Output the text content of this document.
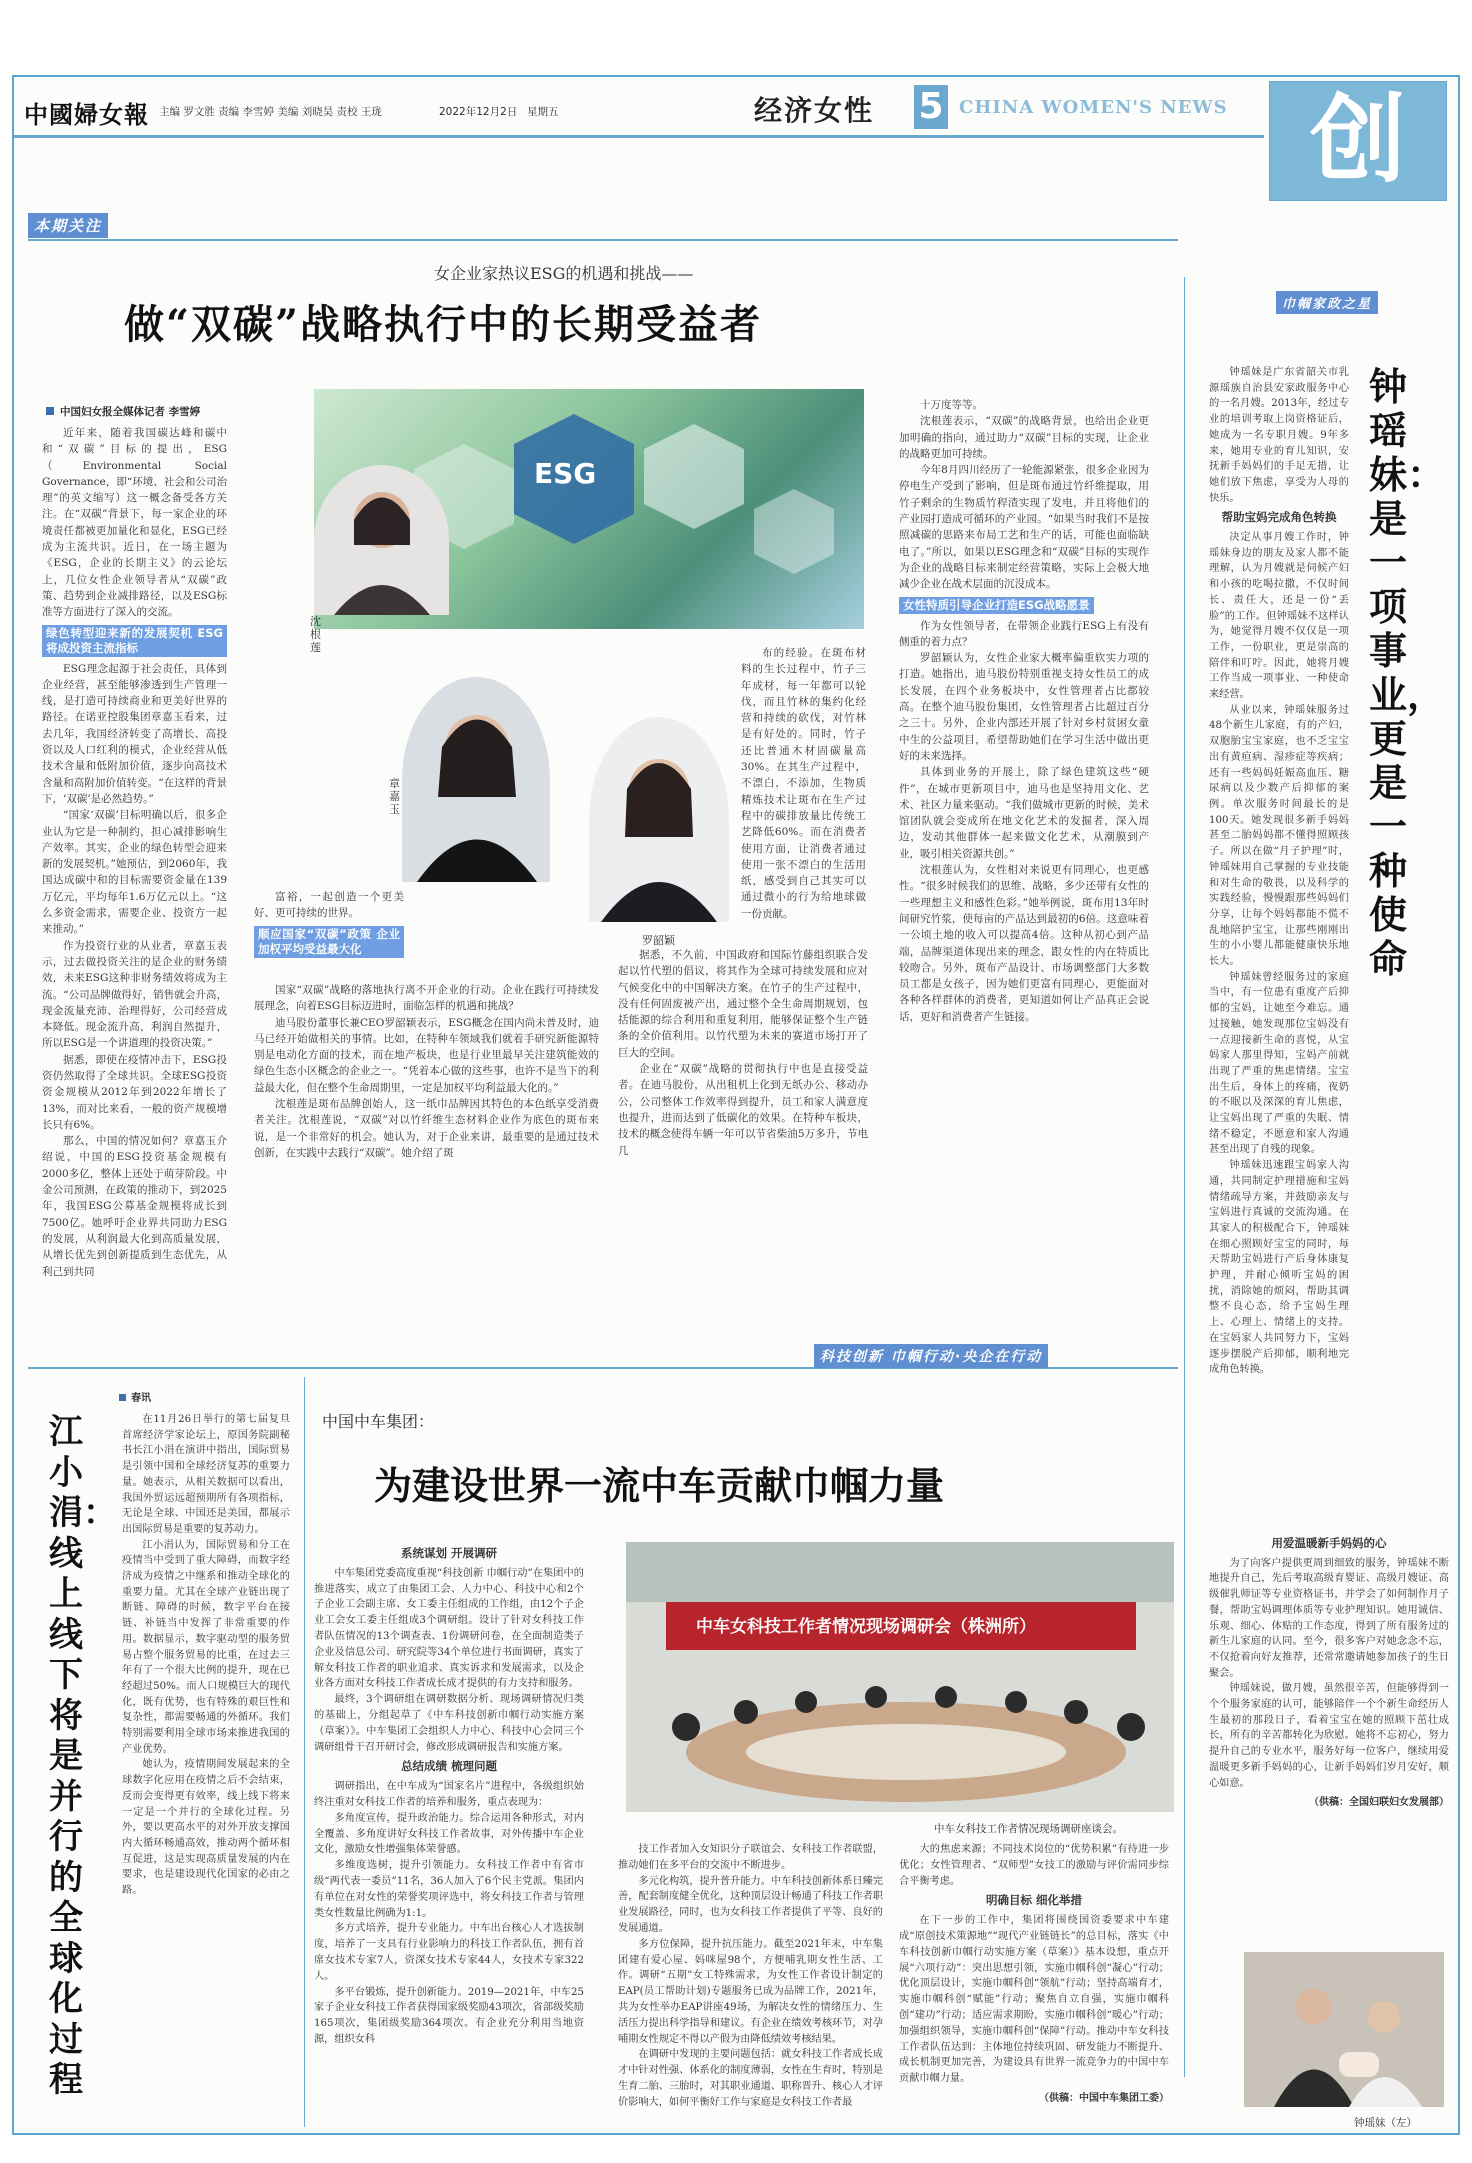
中國婦女報 主编 罗文胜 责编 李雪婷 美编 刘晓昊 责校 王珑	2022年12月2日 星期五	经济女性 5 CHINA WOMEN'S NEWS 创
本期关注
女企业家热议ESG的机遇和挑战——
做“双碳”战略执行中的长期受益者
中国妇女报全媒体记者 李雪婷

近年来，随着我国碳达峰和碳中和“双碳”目标的提出，ESG（Environmental Social Governance，即“环境、社会和公司治理”的英文缩写）这一概念备受各方关注。在“双碳”背景下，每一家企业的环境责任都被更加量化和显化，ESG已经成为主流共识。近日，在一场主题为《ESG，企业的长期主义》的云论坛上，几位女性企业领导者从“双碳”政策、趋势到企业减排路径，以及ESG标准等方面进行了深入的交流。

绿色转型迎来新的发展契机 ESG将成投资主流指标

ESG理念起源于社会责任，具体到企业经营，甚至能够渗透到生产管理一线，是打造可持续商业和更美好世界的路径。在诺亚控股集团章嘉玉看来，过去几年，我国经济转变了高增长、高投资以及人口红利的模式，企业经营从低技术含量和低附加价值，逐步向高技术含量和高附加价值转变。“在这样的背景下，‘双碳’是必然趋势。”

“国家‘双碳’目标明确以后，很多企业认为它是一种制约，担心减排影响生产效率。其实，企业的绿色转型会迎来新的发展契机。”她预估，到2060年，我国达成碳中和的目标需要资金量在139万亿元，平均每年1.6万亿元以上。“这么多资金需求，需要企业、投资方一起来推动。”

作为投资行业的从业者，章嘉玉表示，过去做投资关注的是企业的财务绩效，未来ESG这种非财务绩效将成为主流。“公司品牌做得好，销售就会升高，现金流量充沛、治理得好，公司经营成本降低。现金流升高，利润自然提升，所以ESG是一个讲道理的投资决策。”

据悉，即使在疫情冲击下，ESG投资仍然取得了全球共识。全球ESG投资资金规模从2012年到2022年增长了13%，而对比来看，一般的资产规模增长只有6%。

那么，中国的情况如何？章嘉玉介绍说，中国的ESG投资基金规模有2000多亿，整体上还处于萌芽阶段。中金公司预测，在政策的推动下，到2025年，我国ESG公募基金规模将成长到7500亿。她呼吁企业界共同助力ESG的发展，从利润最大化到高质量发展，从增长优先到创新提质到生态优先，从利己到共同

ESG
沈根莲
章嘉玉
罗韶颖

富裕，一起创造一个更美好、更可持续的世界。

顺应国家“双碳”政策 企业加权平均受益最大化

国家“双碳”战略的落地执行离不开企业的行动。企业在践行可持续发展理念，向着ESG目标迈进时，面临怎样的机遇和挑战？

迪马股份董事长兼CEO罗韶颖表示，ESG概念在国内尚未普及时，迪马已经开始做相关的事情。比如，在特种车领域我们就着手研究新能源特别是电动化方面的技术，而在地产板块，也是行业里最早关注建筑能效的绿色生态小区概念的企业之一。“凭着本心做的这些事，也许不是当下的利益最大化，但在整个生命周期里，一定是加权平均利益最大化的。”

沈根莲是斑布品牌创始人，这一纸巾品牌因其特色的本色纸享受消费者关注。沈根莲说，“双碳”对以竹纤维生态材料企业作为底色的斑布来说，是一个非常好的机会。她认为，对于企业来讲，最重要的是通过技术创新，在实践中去践行“双碳”。她介绍了斑

布的经验。在斑布材料的生长过程中，竹子三年成材，每一年都可以轮伐，而且竹林的集约化经营和持续的砍伐，对竹林是有好处的。同时，竹子还比普通木材固碳量高30%。在其生产过程中，不漂白，不添加，生物质精炼技术让斑布在生产过程中的碳排放量比传统工艺降低60%。而在消费者使用方面，让消费者通过使用一张不漂白的生活用纸，感受到自己其实可以通过微小的行为给地球做一份贡献。

据悉，不久前，中国政府和国际竹藤组织联合发起以竹代塑的倡议，将其作为全球可持续发展和应对气候变化中的中国解决方案。在竹子的生产过程中，没有任何固废被产出，通过整个全生命周期规划，包括能源的综合利用和重复利用，能够保证整个生产链条的全价值利用。以竹代塑为未来的赛道市场打开了巨大的空间。

企业在“双碳”战略的贯彻执行中也是直接受益者。在迪马股份，从出租机上化到无纸办公、移动办公，公司整体工作效率得到提升，员工和家人满意度也提升，进而达到了低碳化的效果。在特种车板块，技术的概念使得车辆一年可以节省柴油5万多升，节电几

十万度等等。

沈根莲表示，“双碳”的战略背景，也给出企业更加明确的指向，通过助力“双碳”目标的实现，让企业的战略更加可持续。

今年8月四川经历了一轮能源紧张，很多企业因为停电生产受到了影响，但是斑布通过竹纤维提取，用竹子剩余的生物质竹稈渣实现了发电，并且将他们的产业园打造成可循环的产业园。“如果当时我们不是按照减碳的思路来布局工艺和生产的话，可能也面临缺电了。”所以，如果以ESG理念和“双碳”目标的实现作为企业的战略目标来制定经营策略，实际上会极大地减少企业在战术层面的沉没成本。

女性特质引导企业打造ESG战略愿景

作为女性领导者，在带领企业践行ESG上有没有侧重的着力点？

罗韶颖认为，女性企业家大概率偏重软实力项的打造。她指出，迪马股份特别重视支持女性员工的成长发展，在四个业务板块中，女性管理者占比都较高。在整个迪马股份集团，女性管理者占比超过百分之三十。另外，企业内部还开展了针对乡村贫困女童中生的公益项目，希望帮助她们在学习生活中做出更好的未来选择。

具体到业务的开展上，除了绿色建筑这些“硬件”，在城市更新项目中，迪马也是坚持用文化、艺术、社区力量来驱动。“我们做城市更新的时候，美术馆团队就会变成所在地文化艺术的发掘者，深入周边，发动其他群体一起来做文化艺术，从潮膜到产业，吸引相关资源共创。”

沈根莲认为，女性相对来说更有同理心，也更感性。“很多时候我们的思维、战略，多少还带有女性的一些理想主义和感性色彩。”她举例说，斑布用13年时间研究竹浆，使每亩的产品达到最初的6倍。这意味着一公顷土地的收入可以提高4倍。这种从初心到产品端，品牌渠道体现出来的理念，跟女性的内在特质比较吻合。另外，斑布产品设计、市场调整部门大多数员工都是女孩子，因为她们更富有同理心，更能面对各种各样群体的消费者，更知道如何让产品真正会说话，更好和消费者产生链接。

巾帼家政之星
钟瑶妹：是一项事业，更是一种使命

钟瑶妹是广东省韶关市乳源瑶族自治县安家政服务中心的一名月嫂。2013年，经过专业的培训考取上岗资格证后，她成为一名专职月嫂。9年多来，她用专业的育儿知识，安抚新手妈妈们的手足无措，让她们放下焦虑，享受为人母的快乐。

帮助宝妈完成角色转换

决定从事月嫂工作时，钟瑶妹身边的朋友及家人都不能理解，认为月嫂就是伺候产妇和小孩的吃喝拉撒，不仅时间长、责任大，还是一份“丢脸”的工作。但钟瑶妹不这样认为，她觉得月嫂不仅仅是一项工作，一份职业，更是崇高的陪伴和叮咛。因此，她将月嫂工作当成一项事业、一种使命来经营。

从业以来，钟瑶妹服务过48个新生儿家庭，有的产妇，双胞胎宝宝家庭，也不乏宝宝出有黄疸病、湿疹症等疾病；还有一些妈妈妊娠高血压、糖尿病以及少数产后抑郁的案例。单次服务时间最长的是100天。她发现很多新手妈妈甚至二胎妈妈都不懂得照顾孩子。所以在做“月子护理”时，钟瑶妹用自己掌握的专业技能和对生命的敬畏，以及科学的实践经验，慢慢跟那些妈妈们分享，让每个妈妈都能不慌不乱地陪护宝宝，让那些刚刚出生的小小婴儿都能健康快乐地长大。

钟瑶妹曾经服务过的家庭当中，有一位患有重度产后抑郁的宝妈，让她至今难忘。通过接触，她发现那位宝妈没有一点迎接新生命的喜悦，从宝妈家人那里得知，宝妈产前就出现了严重的焦虑情绪。宝宝出生后，身体上的疼痛，夜奶的不眠以及深深的育儿焦虑，让宝妈出现了严重的失眠、情绪不稳定，不愿意和家人沟通甚至出现了自残的现象。

钟瑶妹迅速跟宝妈家人沟通，共同制定护理措施和宝妈情绪疏导方案，并鼓励亲友与宝妈进行真诚的交流沟通。在其家人的积极配合下，钟瑶妹在细心照顾好宝宝的同时，每天帮助宝妈进行产后身体康复护理，并耐心倾听宝妈的困扰，消除她的烦闷，帮助其调整不良心态，给予宝妈生理上、心理上、情绪上的支持。在宝妈家人共同努力下，宝妈逐步摆脱产后抑郁，顺利地完成角色转换。

用爱温暖新手妈妈的心

为了向客户提供更周到细致的服务，钟瑶妹不断地提升自己，先后考取高级育婴证、高级月嫂证、高级催乳师证等专业资格证书，并学会了如何制作月子餐，帮助宝妈调理体质等专业护理知识。她用诚信、乐观、细心、体贴的工作态度，得到了所有服务过的新生儿家庭的认同。至今，很多客户对她念念不忘，不仅抢着向好友推荐，还常常邀请她参加孩子的生日聚会。

钟瑶妹说，做月嫂，虽然很辛苦，但能够得到一个个服务家庭的认可，能够陪伴一个个新生命经历人生最初的那段日子，看着宝宝在她的照顾下茁壮成长，所有的辛苦都转化为欣慰。她将不忘初心，努力提升自己的专业水平，服务好每一位客户，继续用爱温暖更多新手妈妈的心，让新手妈妈们岁月安好，顺心如意。

（供稿：全国妇联妇女发展部）
钟瑶妹（左）
春讯
江小涓：线上线下将是并行的全球化过程

在11月26日举行的第七届复旦首席经济学家论坛上，原国务院副秘书长江小涓在演讲中指出，国际贸易是引领中国和全球经济复苏的重要力量。她表示，从相关数据可以看出，我国外贸运远超预期所有各项指标，无论是全球、中国还是美国，都展示出国际贸易是重要的复苏动力。

江小涓认为，国际贸易和分工在疫情当中受到了重大障碍，而数字经济成为疫情之中继系和推动全球化的重要力量。尤其在全球产业链出现了断链、障碍的时候，数字平台在接链、补链当中发挥了非常重要的作用。数据显示，数字驱动型的服务贸易占整个服务贸易的比重，在过去三年有了一个很大比例的提升，现在已经超过50%。而人口规模巨大的现代化，既有优势，也有特殊的艰巨性和复杂性，都需要畅通的外循环。我们特别需要利用全球市场来推进我国的产业优势。

她认为，疫情期间发展起来的全球数字化应用在疫情之后不会结束，反而会变得更有效率，线上线下将来一定是一个并行的全球化过程。另外，要以更高水平的对外开放支撑国内大循环畅通高效，推动两个循环相互促进，这是实现高质量发展的内在要求，也是建设现代化国家的必由之路。

科技创新 巾帼行动·央企在行动
中国中车集团：
为建设世界一流中车贡献巾帼力量
系统谋划 开展调研

中车集团党委高度重视“科技创新 巾帼行动”在集团中的推进落实，成立了由集团工会、人力中心、科技中心和2个子企业工会副主席、女工委主任组成的工作组，由12个子企业工会女工委主任组成3个调研组。设计了针对女科技工作者队伍情况的13个调查表、1份调研问卷，在全面制造类子企业及信息公司、研究院等34个单位进行书面调研，真实了解女科技工作者的职业追求、真实诉求和发展需求，以及企业各方面对女科技工作者成长成才提供的有力支持和服务。

最终，3个调研组在调研数据分析、现场调研情况归类的基础上，分组起草了《中车科技创新巾帼行动实施方案（草案）》。中车集团工会组织人力中心、科技中心会同三个调研组骨干召开研讨会，修改形成调研报告和实施方案。

总结成绩 梳理问题

调研指出，在中车成为“国家名片”进程中，各级组织始终注重对女科技工作者的培养和服务，重点表现为：

多角度宣传，提升政治能力。综合运用各种形式，对内全覆盖、多角度讲好女科技工作者故事，对外传播中车企业文化，激励女性增强集体荣誉感。

多维度选树，提升引领能力。女科技工作者中有省市级“两代表一委员”11名，36人加入了6个民主党派。集团内有单位在对女性的荣誉奖项评选中，将女科技工作者与管理类女性数量比例确为1:1。

多方式培养，提升专业能力。中车出台核心人才选拔制度，培养了一支具有行业影响力的科技工作者队伍，拥有首席女技术专家7人，资深女技术专家44人，女技术专家322人。

多平台锻炼，提升创新能力。2019—2021年，中车25家子企业女科技工作者获得国家级奖励43项次，省部级奖励165项次，集团级奖励364项次。有企业充分利用当地资源，组织女科

中车女科技工作者情况现场调研会（株洲所）
中车女科技工作者情况现场调研座谈会。

技工作者加入女知识分子联谊会、女科技工作者联盟，推动她们在多平台的交流中不断进步。

多元化构筑，提升普升能力。中车科技创新体系日臻完善，配套制度健全优化，这种顶层设计畅通了科技工作者职业发展路径，同时，也为女科技工作者提供了平等、良好的发展通道。

多方位保障，提升抗压能力。截至2021年末，中车集团建有爱心屋、妈咪屋98个，方便哺乳期女性生活、工作。调研“五期”女工特殊需求，为女性工作者设计制定的EAP(员工帮助计划)专题服务已成为品牌工作，2021年，共为女性举办EAP讲座49场，为解决女性的情绪压力、生活压力提出科学指导和建议。有企业在绩效考核环节，对孕哺期女性规定不得以产假为由降低绩效考核结果。

在调研中发现的主要问题包括：就女科技工作者成长成才中针对性强、体系化的制度薄弱，女性在生育时，特别是生育二胎、三胎时，对其职业通道、职称晋升、核心人才评价影响大，如何平衡好工作与家庭是女科技工作者最

大的焦虑来源；不同技术岗位的“优势积累”有待进一步优化；女性管理者、“双师型”女技工的激励与评价需同步综合平衡考虑。

明确目标 细化举措

在下一步的工作中，集团将围绕国资委要求中车建成“原创技术策源地”“现代产业链链长”的总目标，落实《中车科技创新巾帼行动实施方案（草案）》基本设想，重点开展“六项行动”：突出思想引领，实施巾帼科创“凝心”行动；优化顶层设计，实施巾帼科创“领航”行动；坚持高端育才，实施巾帼科创“赋能”行动；聚焦自立自强，实施巾帼科创“建功”行动；适应需求期盼，实施巾帼科创“暖心”行动；加强组织领导，实施巾帼科创“保障”行动。推动中车女科技工作者队伍达到：主体地位持续巩固、研发能力不断提升、成长机制更加完善，为建设具有世界一流竞争力的中国中车贡献巾帼力量。

（供稿：中国中车集团工委）
